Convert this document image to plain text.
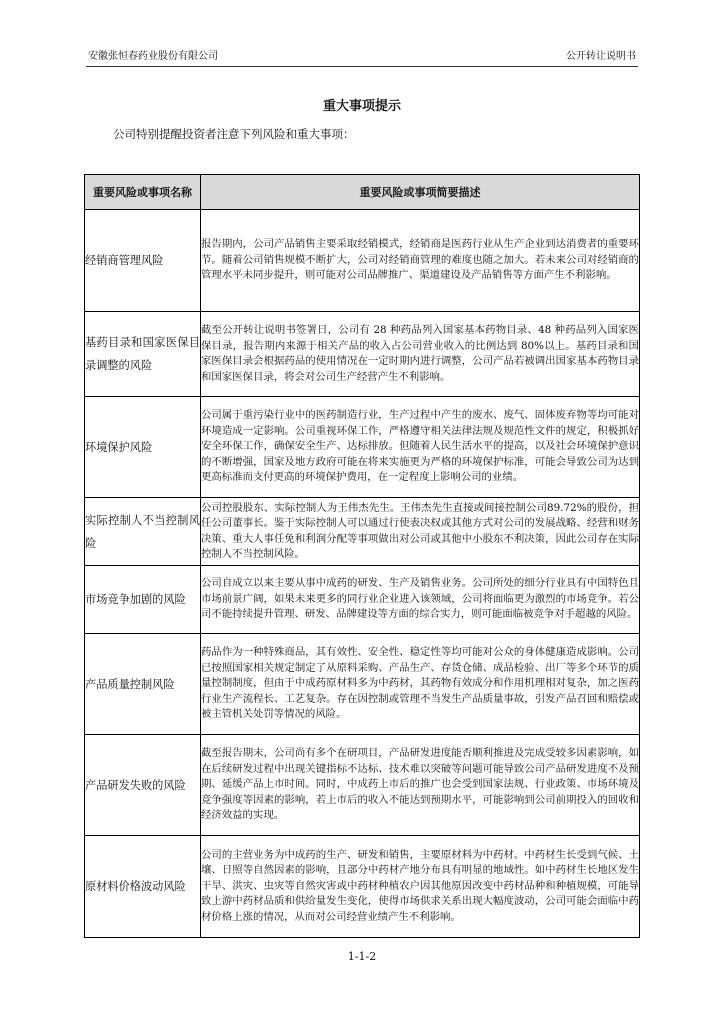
安徽张恒春药业股份有限公司	公开转让说明书
重大事项提示
公司特别提醒投资者注意下列风险和重大事项：
重要风险或事项名称	重要风险或事项简要描述
经销商管理风险	报告期内，公司产品销售主要采取经销模式，经销商是医药行业从生产企业到达消费者的重要环节。随着公司销售规模不断扩大，公司对经销商管理的难度也随之加大。若未来公司对经销商的管理水平未同步提升，则可能对公司品牌推广、渠道建设及产品销售等方面产生不利影响。
基药目录和国家医保目录调整的风险	截至公开转让说明书签署日，公司有 28 种药品列入国家基本药物目录、48 种药品列入国家医保目录，报告期内来源于相关产品的收入占公司营业收入的比例达到 80%以上。基药目录和国家医保目录会根据药品的使用情况在一定时期内进行调整，公司产品若被调出国家基本药物目录和国家医保目录，将会对公司生产经营产生不利影响。
环境保护风险	公司属于重污染行业中的医药制造行业，生产过程中产生的废水、废气、固体废弃物等均可能对环境造成一定影响。公司重视环保工作，严格遵守相关法律法规及规范性文件的规定，积极抓好安全环保工作，确保安全生产、达标排放。但随着人民生活水平的提高，以及社会环境保护意识的不断增强，国家及地方政府可能在将来实施更为严格的环境保护标准，可能会导致公司为达到更高标准而支付更高的环境保护费用，在一定程度上影响公司的业绩。
实际控制人不当控制风险	公司控股股东、实际控制人为王伟杰先生。王伟杰先生直接或间接控制公司89.72%的股份，担任公司董事长。鉴于实际控制人可以通过行使表决权或其他方式对公司的发展战略、经营和财务决策、重大人事任免和利润分配等事项做出对公司或其他中小股东不利决策，因此公司存在实际控制人不当控制风险。
市场竞争加剧的风险	公司自成立以来主要从事中成药的研发、生产及销售业务。公司所处的细分行业具有中国特色且市场前景广阔，如果未来更多的同行业企业进入该领域，公司将面临更为激烈的市场竞争。若公司不能持续提升管理、研发、品牌建设等方面的综合实力，则可能面临被竞争对手超越的风险。
产品质量控制风险	药品作为一种特殊商品，其有效性、安全性、稳定性等均可能对公众的身体健康造成影响。公司已按照国家相关规定制定了从原料采购、产品生产、存货仓储、成品检验、出厂等多个环节的质量控制制度，但由于中成药原材料多为中药材，其药物有效成分和作用机理相对复杂，加之医药行业生产流程长、工艺复杂。存在因控制或管理不当发生产品质量事故，引发产品召回和赔偿或被主管机关处罚等情况的风险。
产品研发失败的风险	截至报告期末，公司尚有多个在研项目，产品研发进度能否顺利推进及完成受较多因素影响，如在后续研发过程中出现关键指标不达标、技术难以突破等问题可能导致公司产品研发进度不及预期、延缓产品上市时间。同时，中成药上市后的推广也会受到国家法规、行业政策、市场环境及竞争强度等因素的影响，若上市后的收入不能达到预期水平，可能影响到公司前期投入的回收和经济效益的实现。
原材料价格波动风险	公司的主营业务为中成药的生产、研发和销售，主要原材料为中药材。中药材生长受到气候、土壤、日照等自然因素的影响，且部分中药材产地分布具有明显的地域性。如中药材生长地区发生干旱、洪灾、虫灾等自然灾害或中药材种植农户因其他原因改变中药材品种和种植规模，可能导致上游中药材品质和供给量发生变化，使得市场供求关系出现大幅度波动，公司可能会面临中药材价格上涨的情况，从而对公司经营业绩产生不利影响。
1-1-2
